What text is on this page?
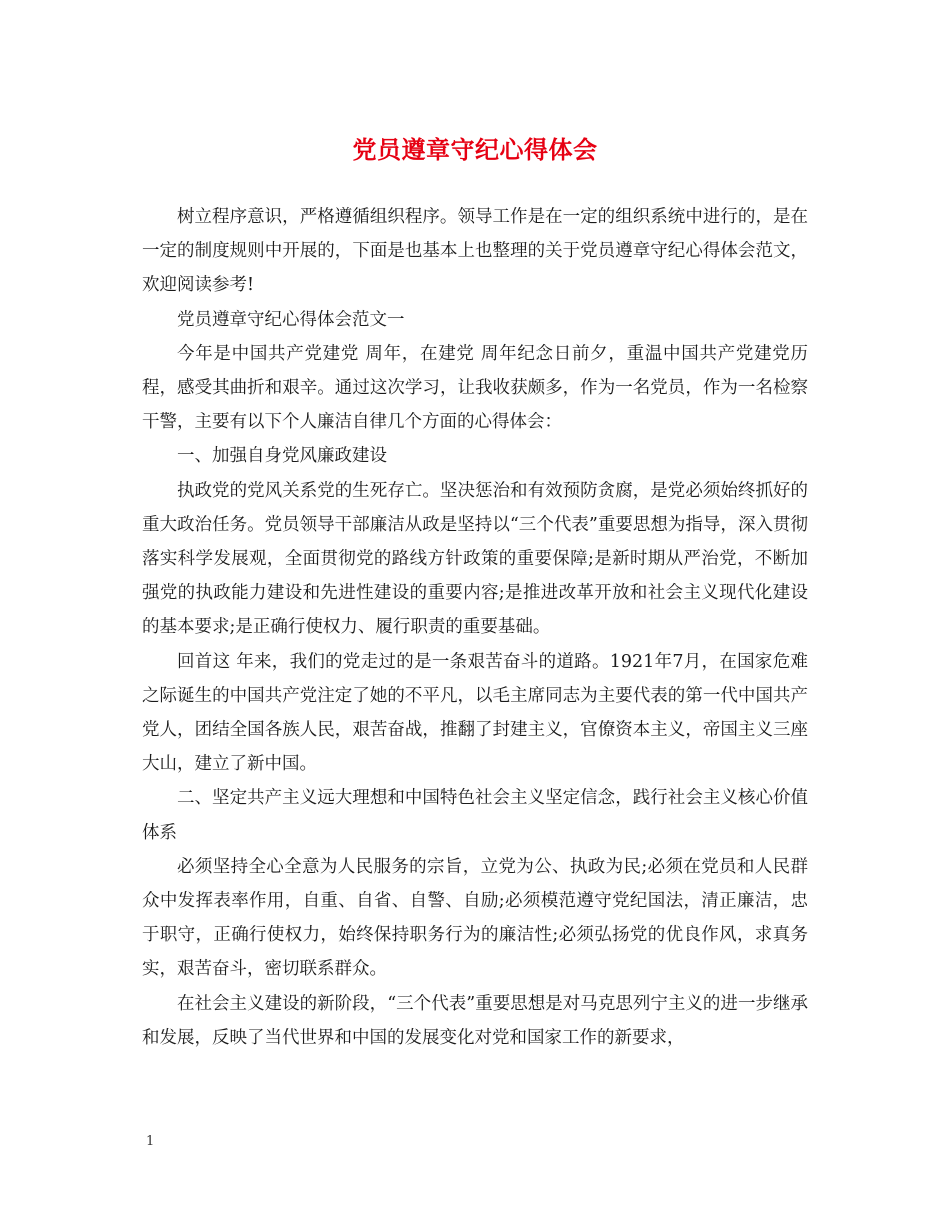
党员遵章守纪心得体会

树立程序意识，严格遵循组织程序。领导工作是在一定的组织系统中进行的，是在一定的制度规则中开展的，下面是也基本上也整理的关于党员遵章守纪心得体会范文，欢迎阅读参考!

党员遵章守纪心得体会范文一

今年是中国共产党建党 周年，在建党 周年纪念日前夕，重温中国共产党建党历程，感受其曲折和艰辛。通过这次学习，让我收获颇多，作为一名党员，作为一名检察干警，主要有以下个人廉洁自律几个方面的心得体会：

一、加强自身党风廉政建设

执政党的党风关系党的生死存亡。坚决惩治和有效预防贪腐，是党必须始终抓好的重大政治任务。党员领导干部廉洁从政是坚持以“三个代表”重要思想为指导，深入贯彻落实科学发展观，全面贯彻党的路线方针政策的重要保障;是新时期从严治党，不断加强党的执政能力建设和先进性建设的重要内容;是推进改革开放和社会主义现代化建设的基本要求;是正确行使权力、履行职责的重要基础。

回首这 年来，我们的党走过的是一条艰苦奋斗的道路。1921年7月，在国家危难之际诞生的中国共产党注定了她的不平凡，以毛主席同志为主要代表的第一代中国共产党人，团结全国各族人民，艰苦奋战，推翻了封建主义，官僚资本主义，帝国主义三座大山，建立了新中国。

二、坚定共产主义远大理想和中国特色社会主义坚定信念，践行社会主义核心价值体系

必须坚持全心全意为人民服务的宗旨，立党为公、执政为民;必须在党员和人民群众中发挥表率作用，自重、自省、自警、自励;必须模范遵守党纪国法，清正廉洁，忠于职守，正确行使权力，始终保持职务行为的廉洁性;必须弘扬党的优良作风，求真务实，艰苦奋斗，密切联系群众。

在社会主义建设的新阶段，“三个代表”重要思想是对马克思列宁主义的进一步继承和发展，反映了当代世界和中国的发展变化对党和国家工作的新要求，

1
